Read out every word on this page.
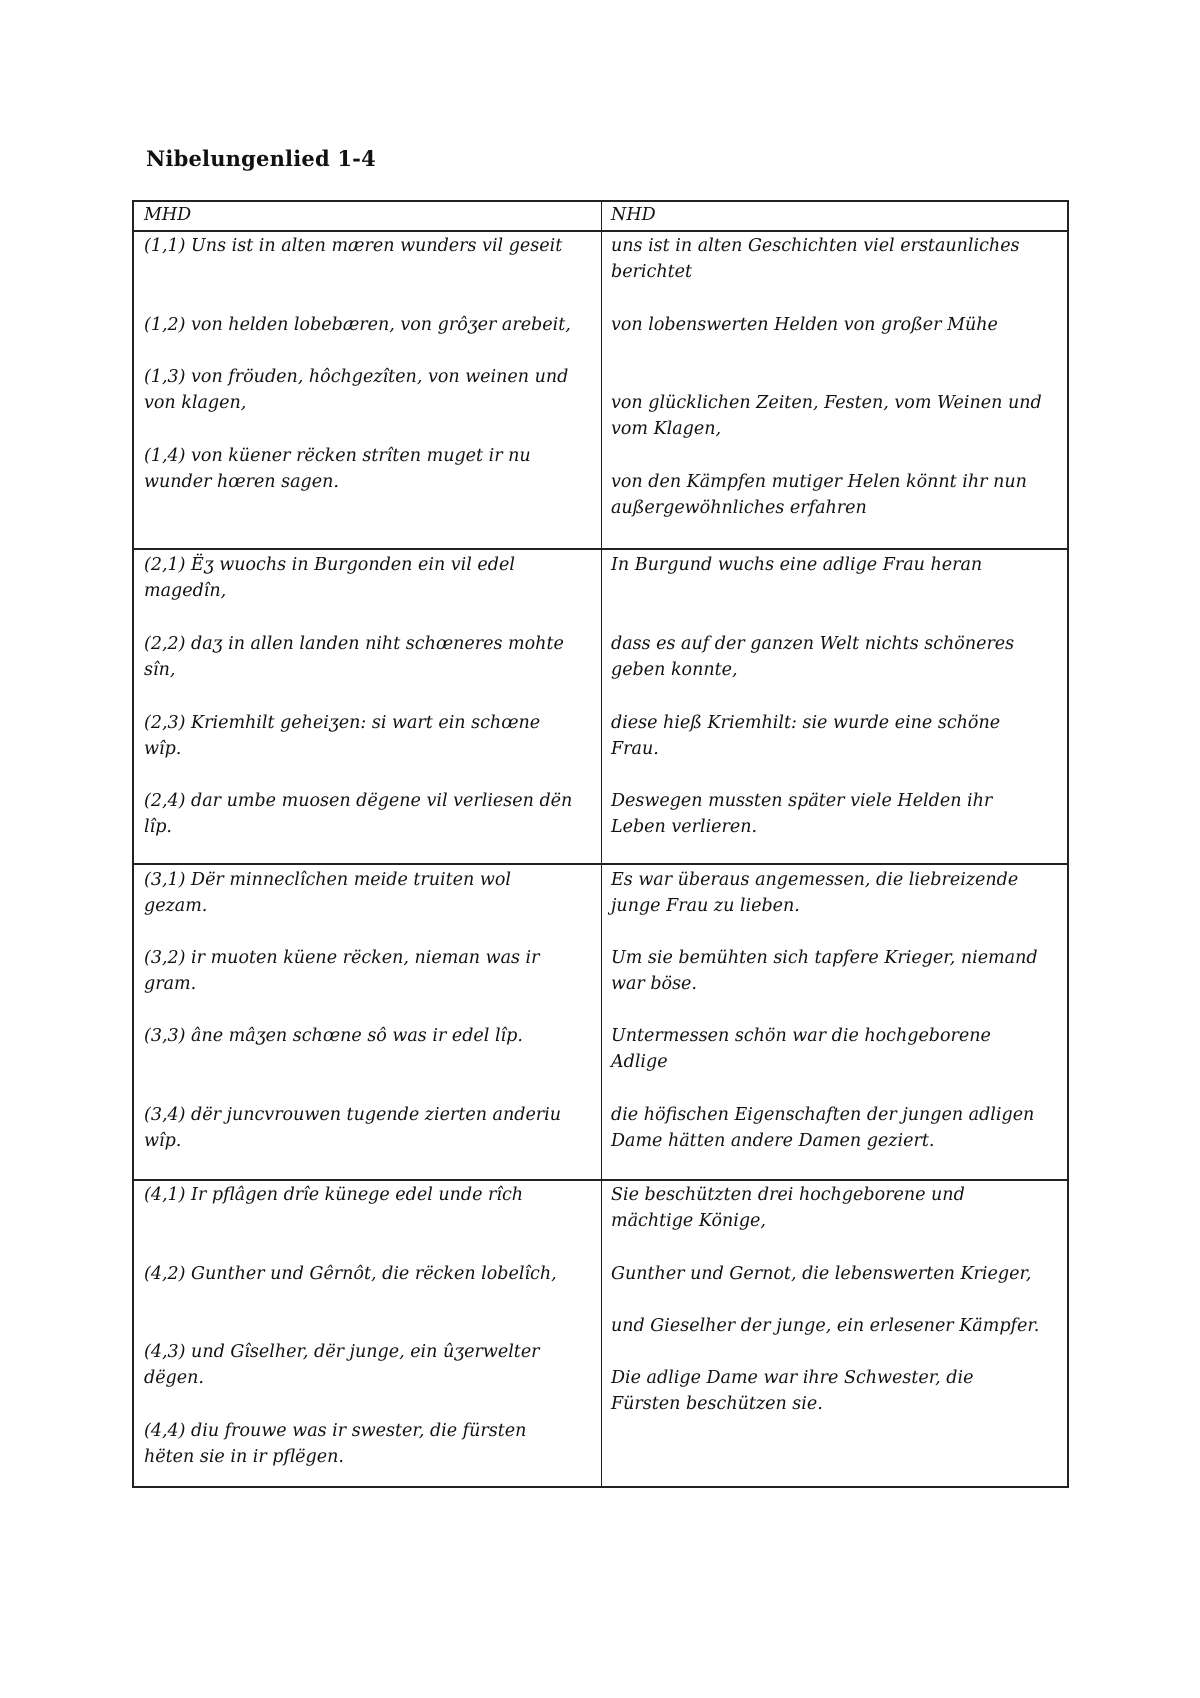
Nibelungenlied 1-4
MHD	NHD
(1,1) Uns ist in alten mæren wunders vil geseit
(1,2) von helden lobebæren, von grôʒer arebeit,
(1,3) von fröuden, hôchgezîten, von weinen und
von klagen,
(1,4) von küener rëcken strîten muget ir nu
wunder hœren sagen.
uns ist in alten Geschichten viel erstaunliches
berichtet
von lobenswerten Helden von großer Mühe
von glücklichen Zeiten, Festen, vom Weinen und
vom Klagen,
von den Kämpfen mutiger Helen könnt ihr nun
außergewöhnliches erfahren
(2,1) Ëʒ wuochs in Burgonden ein vil edel
magedîn,
(2,2) daʒ in allen landen niht schœneres mohte
sîn,
(2,3) Kriemhilt geheiʒen: si wart ein schœne
wîp.
(2,4) dar umbe muosen dëgene vil verliesen dën
lîp.
In Burgund wuchs eine adlige Frau heran
dass es auf der ganzen Welt nichts schöneres
geben konnte,
diese hieß Kriemhilt: sie wurde eine schöne
Frau.
Deswegen mussten später viele Helden ihr
Leben verlieren.
(3,1) Dër minneclîchen meide truiten wol
gezam.
(3,2) ir muoten küene rëcken, nieman was ir
gram.
(3,3) âne mâʒen schœne sô was ir edel lîp.
(3,4) dër juncvrouwen tugende zierten anderiu
wîp.
Es war überaus angemessen, die liebreizende
junge Frau zu lieben.
Um sie bemühten sich tapfere Krieger, niemand
war böse.
Untermessen schön war die hochgeborene
Adlige
die höfischen Eigenschaften der jungen adligen
Dame hätten andere Damen geziert.
(4,1) Ir pflâgen drîe künege edel unde rîch
(4,2) Gunther und Gêrnôt, die rëcken lobelîch,
(4,3) und Gîselher, dër junge, ein ûʒerwelter
dëgen.
(4,4) diu frouwe was ir swester, die fürsten
hëten sie in ir pflëgen.
Sie beschützten drei hochgeborene und
mächtige Könige,
Gunther und Gernot, die lebenswerten Krieger,
und Gieselher der junge, ein erlesener Kämpfer.
Die adlige Dame war ihre Schwester, die
Fürsten beschützen sie.
